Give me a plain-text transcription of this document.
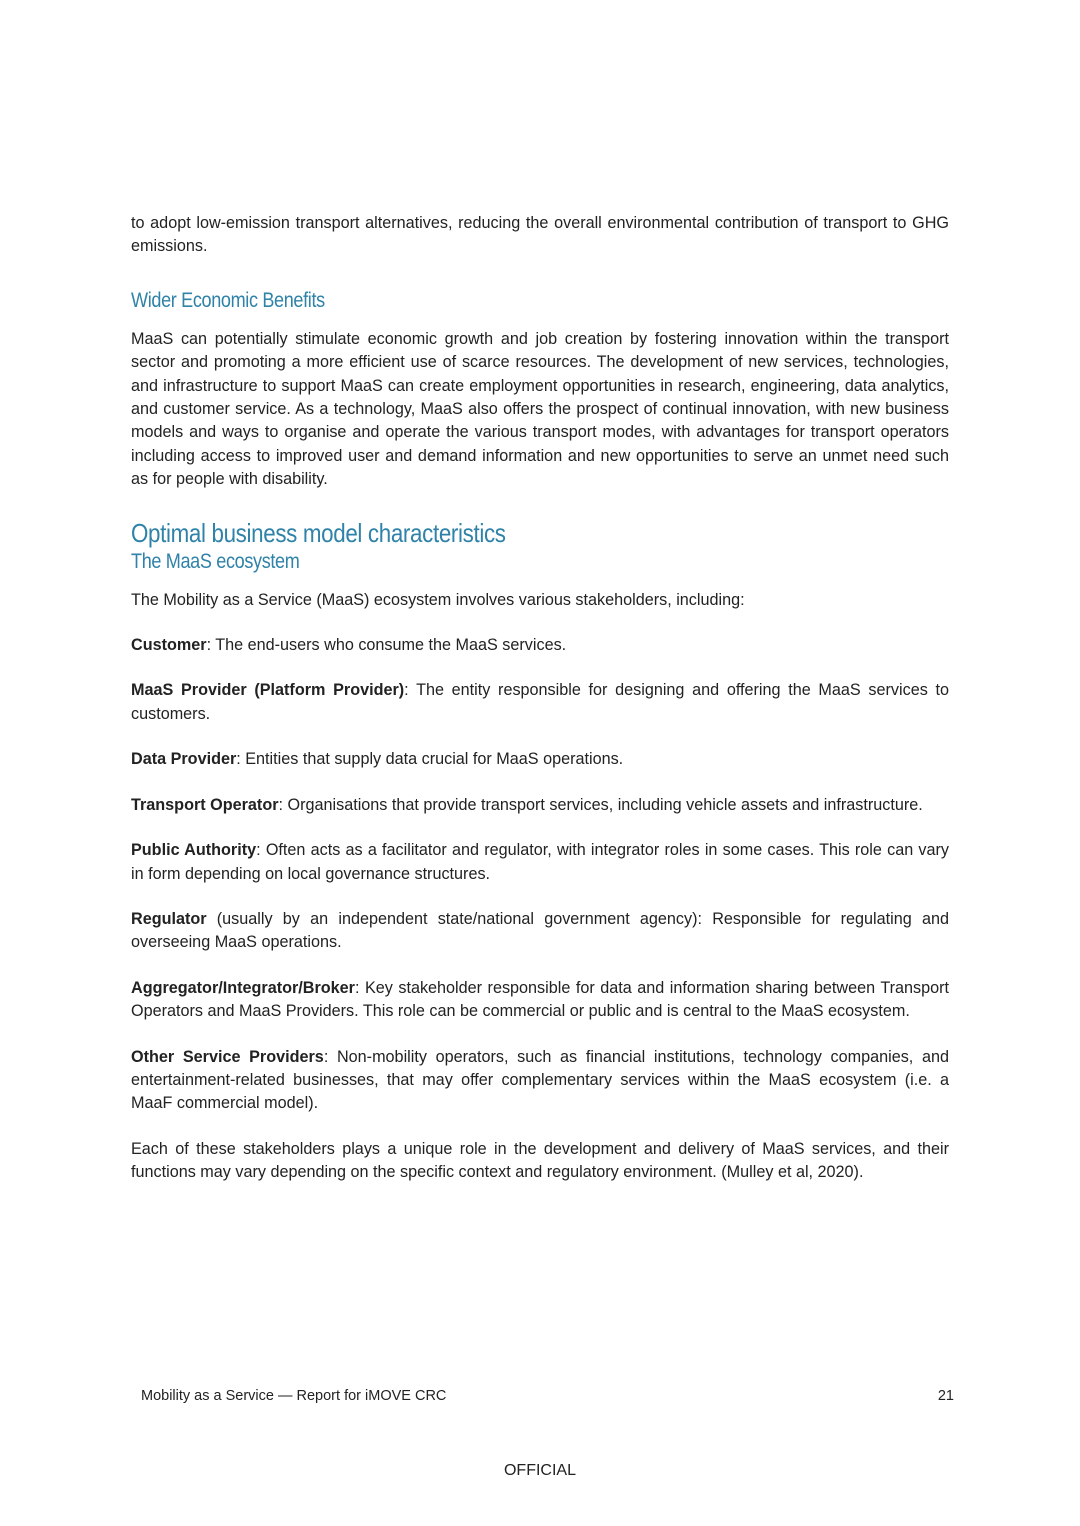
to adopt low-emission transport alternatives, reducing the overall environmental contribution of transport to GHG emissions.

Wider Economic Benefits

MaaS can potentially stimulate economic growth and job creation by fostering innovation within the transport sector and promoting a more efficient use of scarce resources. The development of new services, technologies, and infrastructure to support MaaS can create employment opportunities in research, engineering, data analytics, and customer service. As a technology, MaaS also offers the prospect of continual innovation, with new business models and ways to organise and operate the various transport modes, with advantages for transport operators including access to improved user and demand information and new opportunities to serve an unmet need such as for people with disability.

Optimal business model characteristics
The MaaS ecosystem

The Mobility as a Service (MaaS) ecosystem involves various stakeholders, including:

Customer: The end-users who consume the MaaS services.

MaaS Provider (Platform Provider): The entity responsible for designing and offering the MaaS services to customers.

Data Provider: Entities that supply data crucial for MaaS operations.

Transport Operator: Organisations that provide transport services, including vehicle assets and infrastructure.

Public Authority: Often acts as a facilitator and regulator, with integrator roles in some cases. This role can vary in form depending on local governance structures.

Regulator (usually by an independent state/national government agency): Responsible for regulating and overseeing MaaS operations.

Aggregator/Integrator/Broker: Key stakeholder responsible for data and information sharing between Transport Operators and MaaS Providers. This role can be commercial or public and is central to the MaaS ecosystem.

Other Service Providers: Non-mobility operators, such as financial institutions, technology companies, and entertainment-related businesses, that may offer complementary services within the MaaS ecosystem (i.e. a MaaF commercial model).

Each of these stakeholders plays a unique role in the development and delivery of MaaS services, and their functions may vary depending on the specific context and regulatory environment. (Mulley et al, 2020).

Mobility as a Service — Report for iMOVE CRC	21
OFFICIAL
